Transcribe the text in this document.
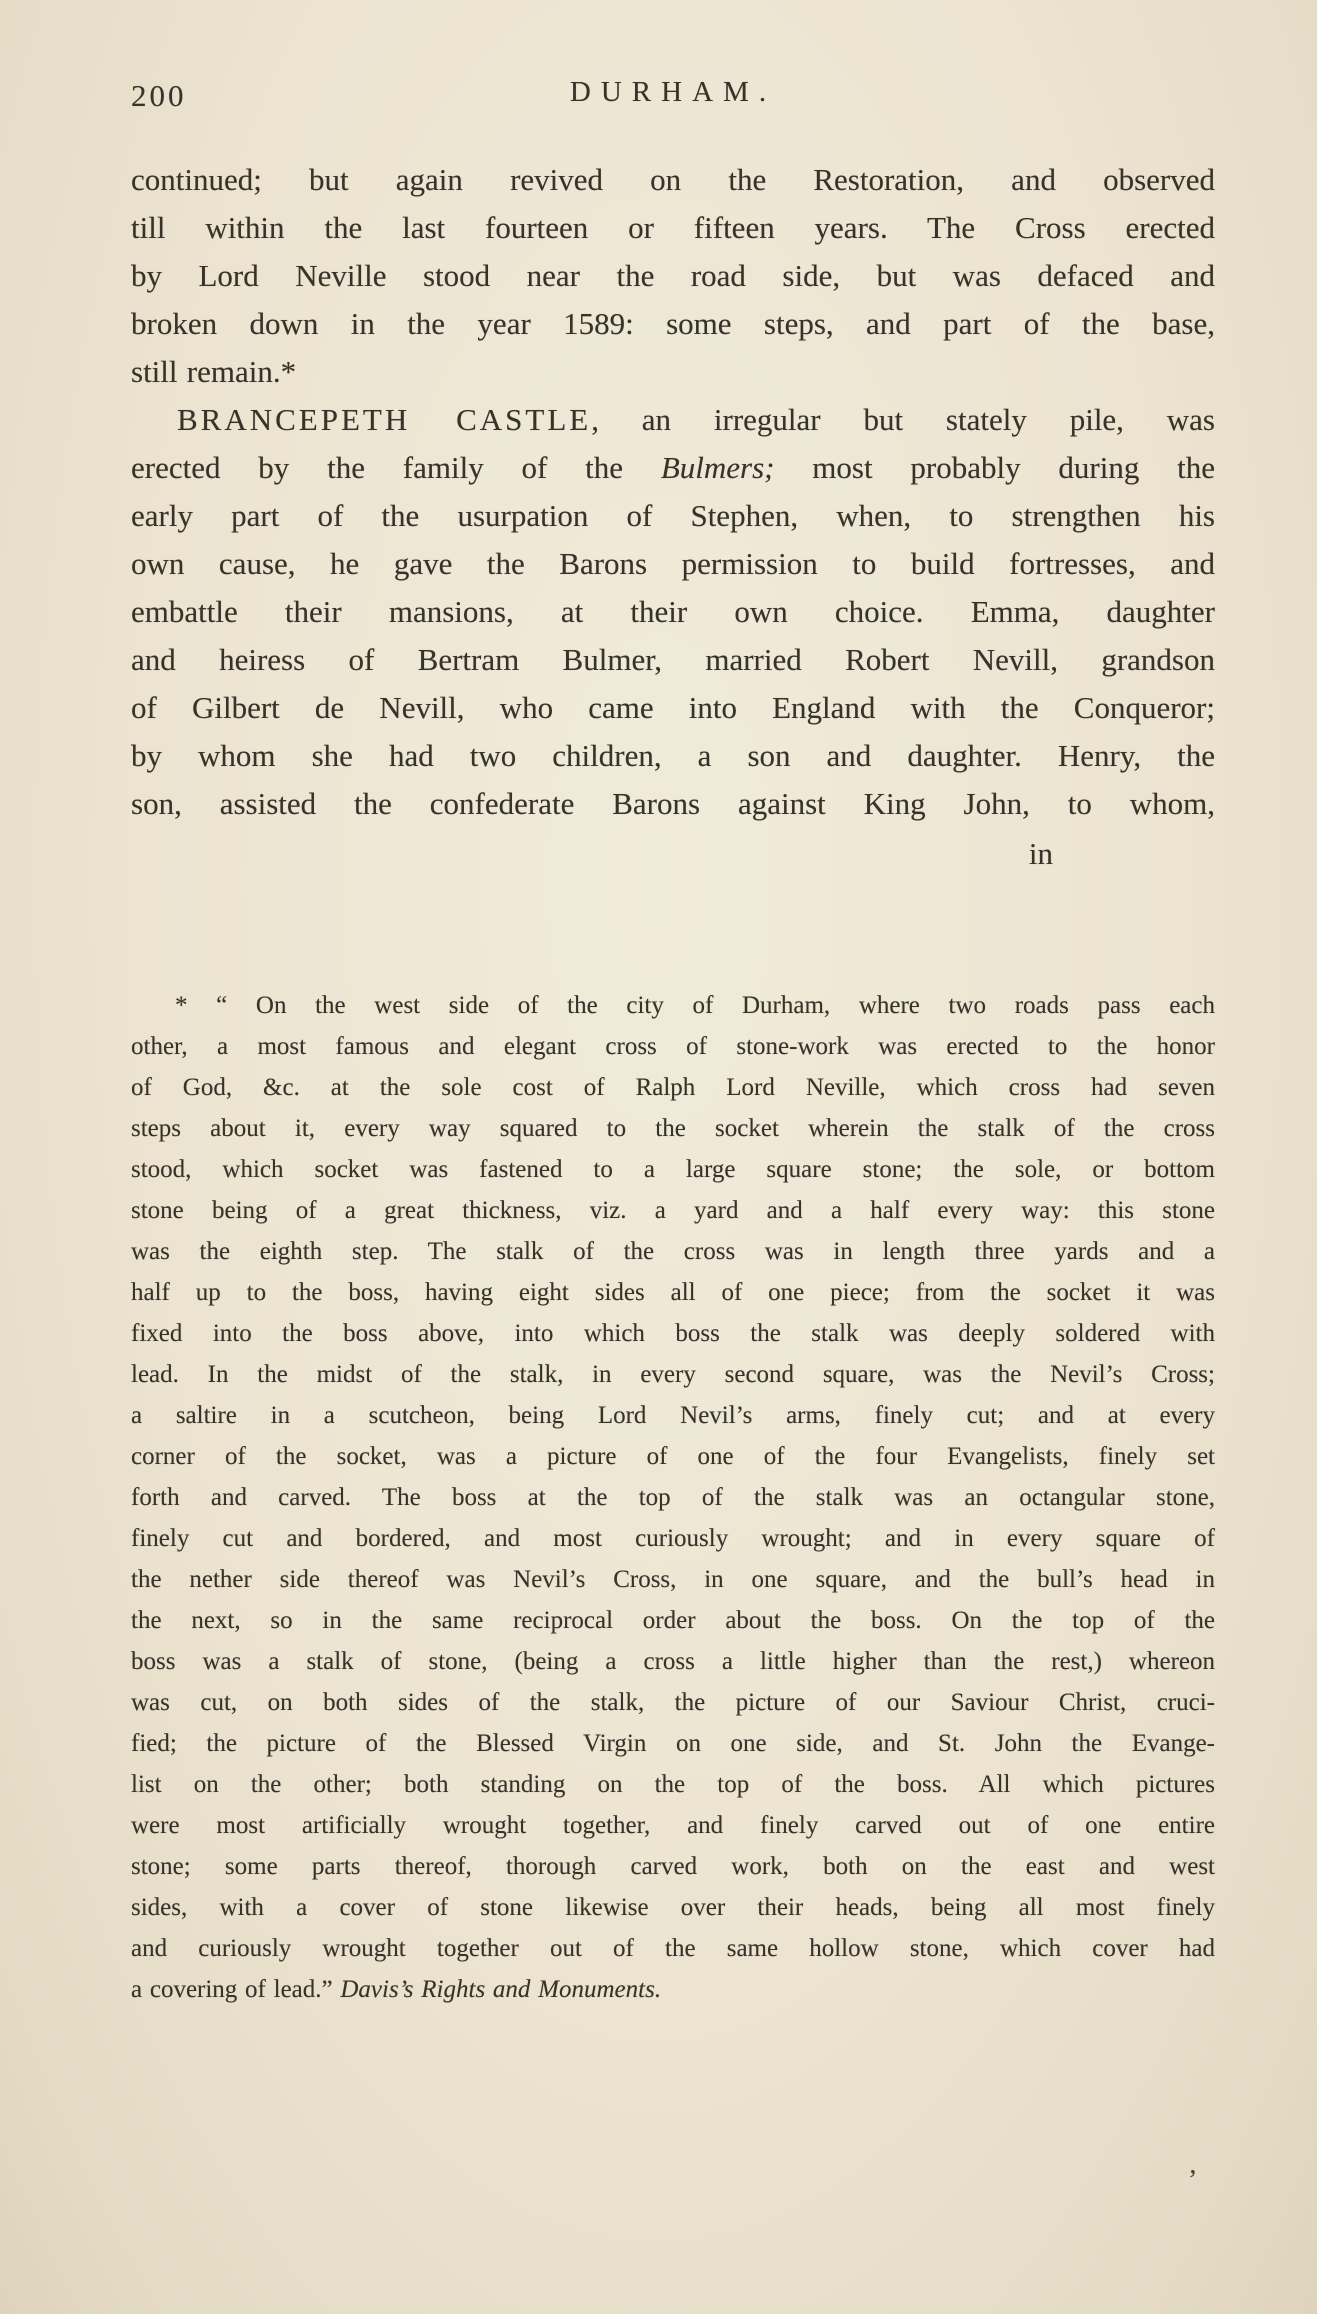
200	DURHAM.
continued; but again revived on the Restoration, and observed
till within the last fourteen or fifteen years. The Cross erected
by Lord Neville stood near the road side, but was defaced and
broken down in the year 1589: some steps, and part of the base,
still remain.*
BRANCEPETH CASTLE, an irregular but stately pile, was
erected by the family of the Bulmers; most probably during the
early part of the usurpation of Stephen, when, to strengthen his
own cause, he gave the Barons permission to build fortresses, and
embattle their mansions, at their own choice. Emma, daughter
and heiress of Bertram Bulmer, married Robert Nevill, grandson
of Gilbert de Nevill, who came into England with the Conqueror;
by whom she had two children, a son and daughter. Henry, the
son, assisted the confederate Barons against King John, to whom,
in
* “ On the west side of the city of Durham, where two roads pass each
other, a most famous and elegant cross of stone-work was erected to the honor
of God, &c. at the sole cost of Ralph Lord Neville, which cross had seven
steps about it, every way squared to the socket wherein the stalk of the cross
stood, which socket was fastened to a large square stone; the sole, or bottom
stone being of a great thickness, viz. a yard and a half every way: this stone
was the eighth step. The stalk of the cross was in length three yards and a
half up to the boss, having eight sides all of one piece; from the socket it was
fixed into the boss above, into which boss the stalk was deeply soldered with
lead. In the midst of the stalk, in every second square, was the Nevil’s Cross;
a saltire in a scutcheon, being Lord Nevil’s arms, finely cut; and at every
corner of the socket, was a picture of one of the four Evangelists, finely set
forth and carved. The boss at the top of the stalk was an octangular stone,
finely cut and bordered, and most curiously wrought; and in every square of
the nether side thereof was Nevil’s Cross, in one square, and the bull’s head in
the next, so in the same reciprocal order about the boss. On the top of the
boss was a stalk of stone, (being a cross a little higher than the rest,) whereon
was cut, on both sides of the stalk, the picture of our Saviour Christ, cruci-
fied; the picture of the Blessed Virgin on one side, and St. John the Evange-
list on the other; both standing on the top of the boss. All which pictures
were most artificially wrought together, and finely carved out of one entire
stone; some parts thereof, thorough carved work, both on the east and west
sides, with a cover of stone likewise over their heads, being all most finely
and curiously wrought together out of the same hollow stone, which cover had
a covering of lead.” Davis’s Rights and Monuments.
’
